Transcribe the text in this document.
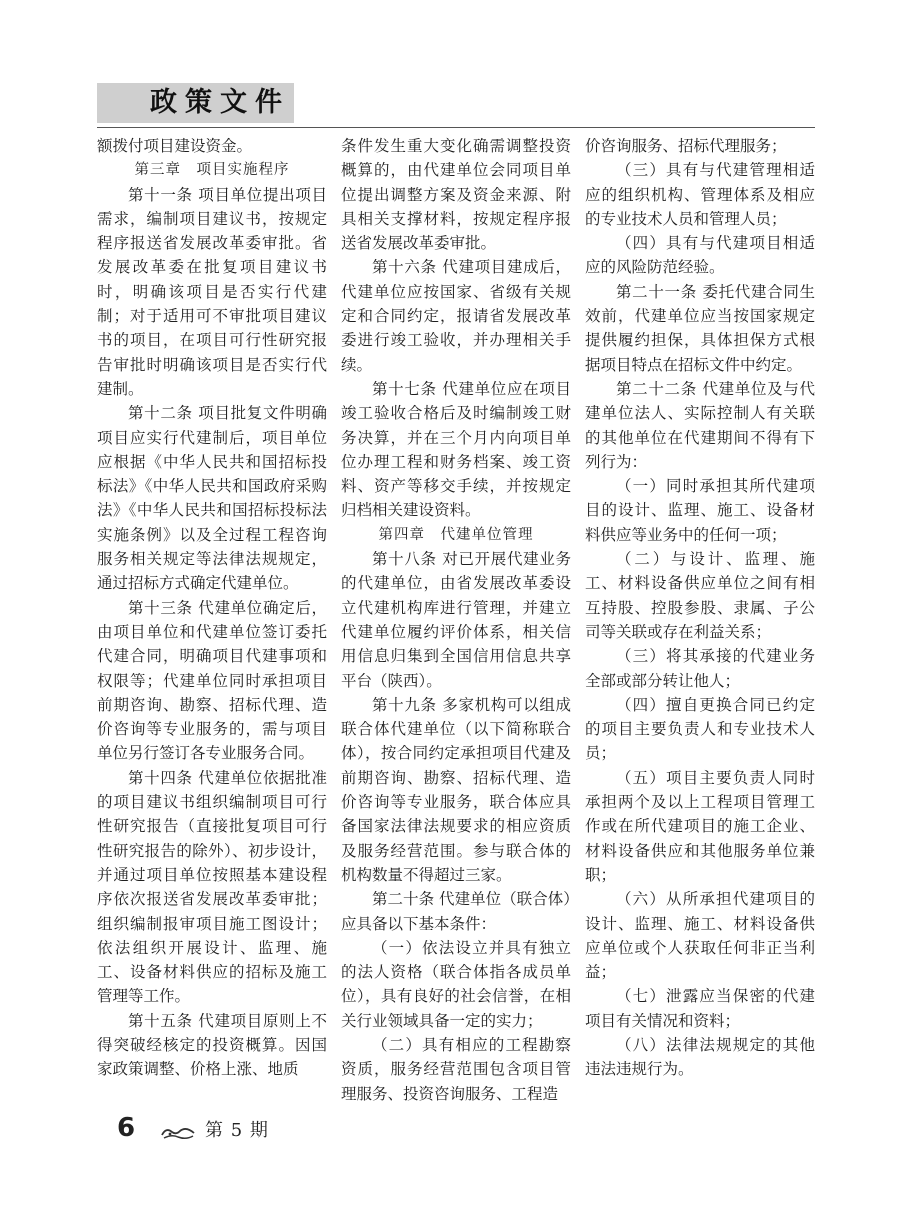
政策文件

额拨付项目建设资金。

第三章　项目实施程序

第十一条 项目单位提出项目需求，编制项目建议书，按规定程序报送省发展改革委审批。省发展改革委在批复项目建议书时，明确该项目是否实行代建制；对于适用可不审批项目建议书的项目，在项目可行性研究报告审批时明确该项目是否实行代建制。

第十二条 项目批复文件明确项目应实行代建制后，项目单位应根据《中华人民共和国招标投标法》《中华人民共和国政府采购法》《中华人民共和国招标投标法实施条例》以及全过程工程咨询服务相关规定等法律法规规定，通过招标方式确定代建单位。

第十三条 代建单位确定后，由项目单位和代建单位签订委托代建合同，明确项目代建事项和权限等；代建单位同时承担项目前期咨询、勘察、招标代理、造价咨询等专业服务的，需与项目单位另行签订各专业服务合同。

第十四条 代建单位依据批准的项目建议书组织编制项目可行性研究报告（直接批复项目可行性研究报告的除外）、初步设计，并通过项目单位按照基本建设程序依次报送省发展改革委审批；组织编制报审项目施工图设计；依法组织开展设计、监理、施工、设备材料供应的招标及施工管理等工作。

第十五条 代建项目原则上不得突破经核定的投资概算。因国家政策调整、价格上涨、地质

条件发生重大变化确需调整投资概算的，由代建单位会同项目单位提出调整方案及资金来源、附具相关支撑材料，按规定程序报送省发展改革委审批。

第十六条 代建项目建成后，代建单位应按国家、省级有关规定和合同约定，报请省发展改革委进行竣工验收，并办理相关手续。

第十七条 代建单位应在项目竣工验收合格后及时编制竣工财务决算，并在三个月内向项目单位办理工程和财务档案、竣工资料、资产等移交手续，并按规定归档相关建设资料。

第四章　代建单位管理

第十八条 对已开展代建业务的代建单位，由省发展改革委设立代建机构库进行管理，并建立代建单位履约评价体系，相关信用信息归集到全国信用信息共享平台（陕西）。

第十九条 多家机构可以组成联合体代建单位（以下简称联合体），按合同约定承担项目代建及前期咨询、勘察、招标代理、造价咨询等专业服务，联合体应具备国家法律法规要求的相应资质及服务经营范围。参与联合体的机构数量不得超过三家。

第二十条 代建单位（联合体）应具备以下基本条件：

（一）依法设立并具有独立的法人资格（联合体指各成员单位），具有良好的社会信誉，在相关行业领域具备一定的实力；

（二）具有相应的工程勘察资质，服务经营范围包含项目管理服务、投资咨询服务、工程造

价咨询服务、招标代理服务；

（三）具有与代建管理相适应的组织机构、管理体系及相应的专业技术人员和管理人员；

（四）具有与代建项目相适应的风险防范经验。

第二十一条 委托代建合同生效前，代建单位应当按国家规定提供履约担保，具体担保方式根据项目特点在招标文件中约定。

第二十二条 代建单位及与代建单位法人、实际控制人有关联的其他单位在代建期间不得有下列行为：

（一）同时承担其所代建项目的设计、监理、施工、设备材料供应等业务中的任何一项；

（二）与设计、监理、施工、材料设备供应单位之间有相互持股、控股参股、隶属、子公司等关联或存在利益关系；

（三）将其承接的代建业务全部或部分转让他人；

（四）擅自更换合同已约定的项目主要负责人和专业技术人员；

（五）项目主要负责人同时承担两个及以上工程项目管理工作或在所代建项目的施工企业、材料设备供应和其他服务单位兼职；

（六）从所承担代建项目的设计、监理、施工、材料设备供应单位或个人获取任何非正当利益；

（七）泄露应当保密的代建项目有关情况和资料；

（八）法律法规规定的其他违法违规行为。

6	第 5 期
